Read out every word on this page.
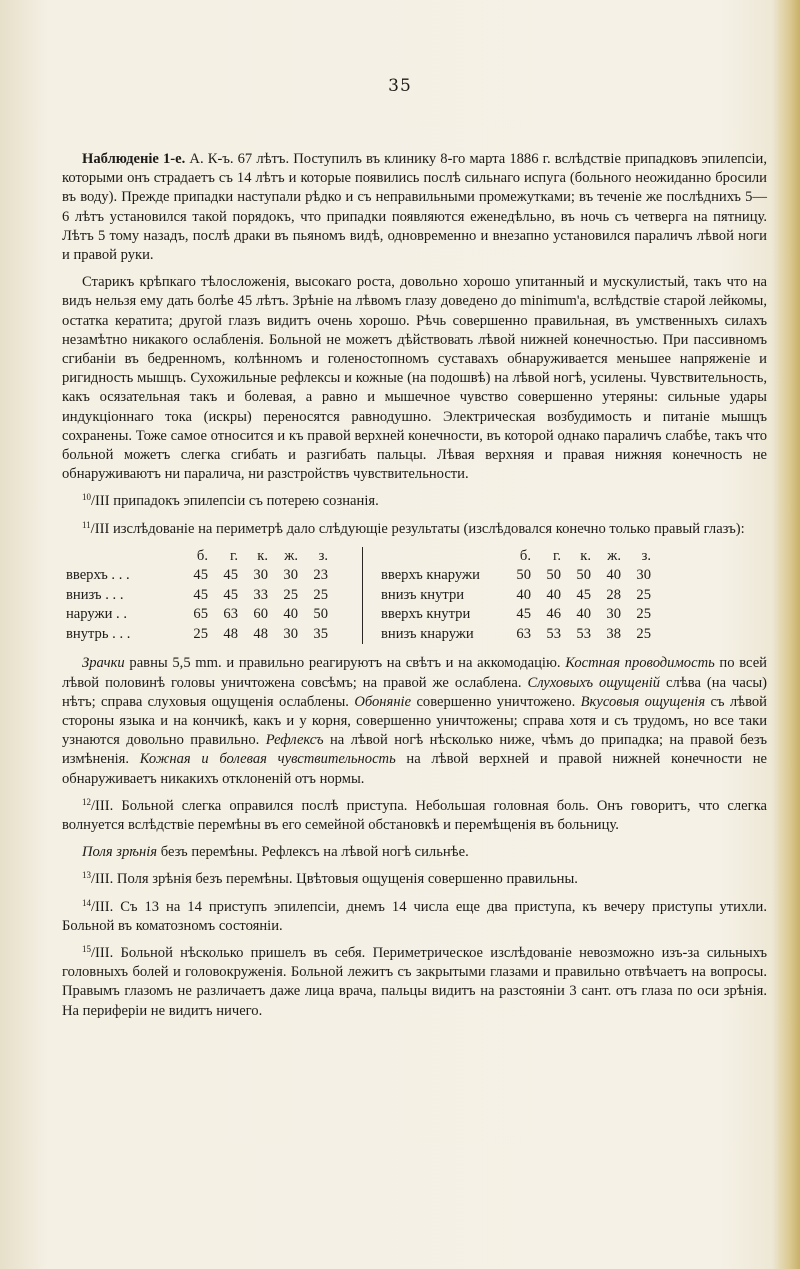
35

Наблюденіе 1-е. А. К-ъ. 67 лѣтъ. Поступилъ въ клинику 8-го марта 1886 г. вслѣдствіе припадковъ эпилепсіи, которыми онъ страдаетъ съ 14 лѣтъ и которые появились послѣ сильнаго испуга (больного неожиданно бросили въ воду). Прежде припадки наступали рѣдко и съ неправильными промежутками; въ теченіе же послѣднихъ 5—6 лѣтъ установился такой порядокъ, что припадки появляются еженедѣльно, въ ночь съ четверга на пятницу. Лѣтъ 5 тому назадъ, послѣ драки въ пьяномъ видѣ, одновременно и внезапно установился параличъ лѣвой ноги и правой руки.

Старикъ крѣпкаго тѣлосложенія, высокаго роста, довольно хорошо упитанный и мускулистый, такъ что на видъ нельзя ему дать болѣе 45 лѣтъ. Зрѣніе на лѣвомъ глазу доведено до minimum'а, вслѣдствіе старой лейкомы, остатка кератита; другой глазъ видитъ очень хорошо. Рѣчь совершенно правильная, въ умственныхъ силахъ незамѣтно никакого ослабленія. Больной не можетъ дѣйствовать лѣвой нижней конечностью. При пассивномъ сгибаніи въ бедренномъ, колѣнномъ и голеностопномъ суставахъ обнаруживается меньшее напряженіе и ригидность мышцъ. Сухожильные рефлексы и кожные (на подошвѣ) на лѣвой ногѣ, усилены. Чувствительность, какъ осязательная такъ и болевая, а равно и мышечное чувство совершенно утеряны: сильные удары индукціоннаго тока (искры) переносятся равнодушно. Электрическая возбудимость и питаніе мышцъ сохранены. Тоже самое относится и къ правой верхней конечности, въ которой однако параличъ слабѣе, такъ что больной можетъ слегка сгибать и разгибать пальцы. Лѣвая верхняя и правая нижняя конечность не обнаруживаютъ ни паралича, ни разстройствъ чувствительности.

$^{10}$/III припадокъ эпилепсіи съ потерею сознанія.

$^{11}$/III изслѣдованіе на периметрѣ дало слѣдующіе результаты (изслѣдовался конечно только правый глазъ):

	б.	г.	к.	ж.	з.
вверхъ . . .	45	45	30	30	23
внизъ . . .	45	45	33	25	25
наружи . .	65	63	60	40	50
внутрь . . .	25	48	48	30	35
	б.	г.	к.	ж.	з.
вверхъ кнаружи	50	50	50	40	30
внизъ кнутри	40	40	45	28	25
вверхъ кнутри	45	46	40	30	25
внизъ кнаружи	63	53	53	38	25

Зрачки равны 5,5 mm. и правильно реагируютъ на свѣтъ и на аккомодацію. Костная проводимость по всей лѣвой половинѣ головы уничтожена совсѣмъ; на правой же ослаблена. Слуховыхъ ощущеній слѣва (на часы) нѣтъ; справа слуховыя ощущенія ослаблены. Обоняніе совершенно уничтожено. Вкусовыя ощущенія съ лѣвой стороны языка и на кончикѣ, какъ и у корня, совершенно уничтожены; справа хотя и съ трудомъ, но все таки узнаются довольно правильно. Рефлексъ на лѣвой ногѣ нѣсколько ниже, чѣмъ до припадка; на правой безъ измѣненія. Кожная и болевая чувствительность на лѣвой верхней и правой нижней конечности не обнаруживаетъ никакихъ отклоненій отъ нормы.

$^{12}$/III. Больной слегка оправился послѣ приступа. Небольшая головная боль. Онъ говоритъ, что слегка волнуется вслѣдствіе перемѣны въ его семейной обстановкѣ и перемѣщенія въ больницу.

Поля зрѣнія безъ перемѣны. Рефлексъ на лѣвой ногѣ сильнѣе.

$^{13}$/III. Поля зрѣнія безъ перемѣны. Цвѣтовыя ощущенія совершенно правильны.

$^{14}$/III. Съ 13 на 14 приступъ эпилепсіи, днемъ 14 числа еще два приступа, къ вечеру приступы утихли. Больной въ коматозномъ состояніи.

$^{15}$/III. Больной нѣсколько пришелъ въ себя. Периметрическое изслѣдованіе невозможно изъ-за сильныхъ головныхъ болей и головокруженія. Больной лежитъ съ закрытыми глазами и правильно отвѣчаетъ на вопросы. Правымъ глазомъ не различаетъ даже лица врача, пальцы видитъ на разстояніи 3 сант. отъ глаза по оси зрѣнія. На периферіи не видитъ ничего.
